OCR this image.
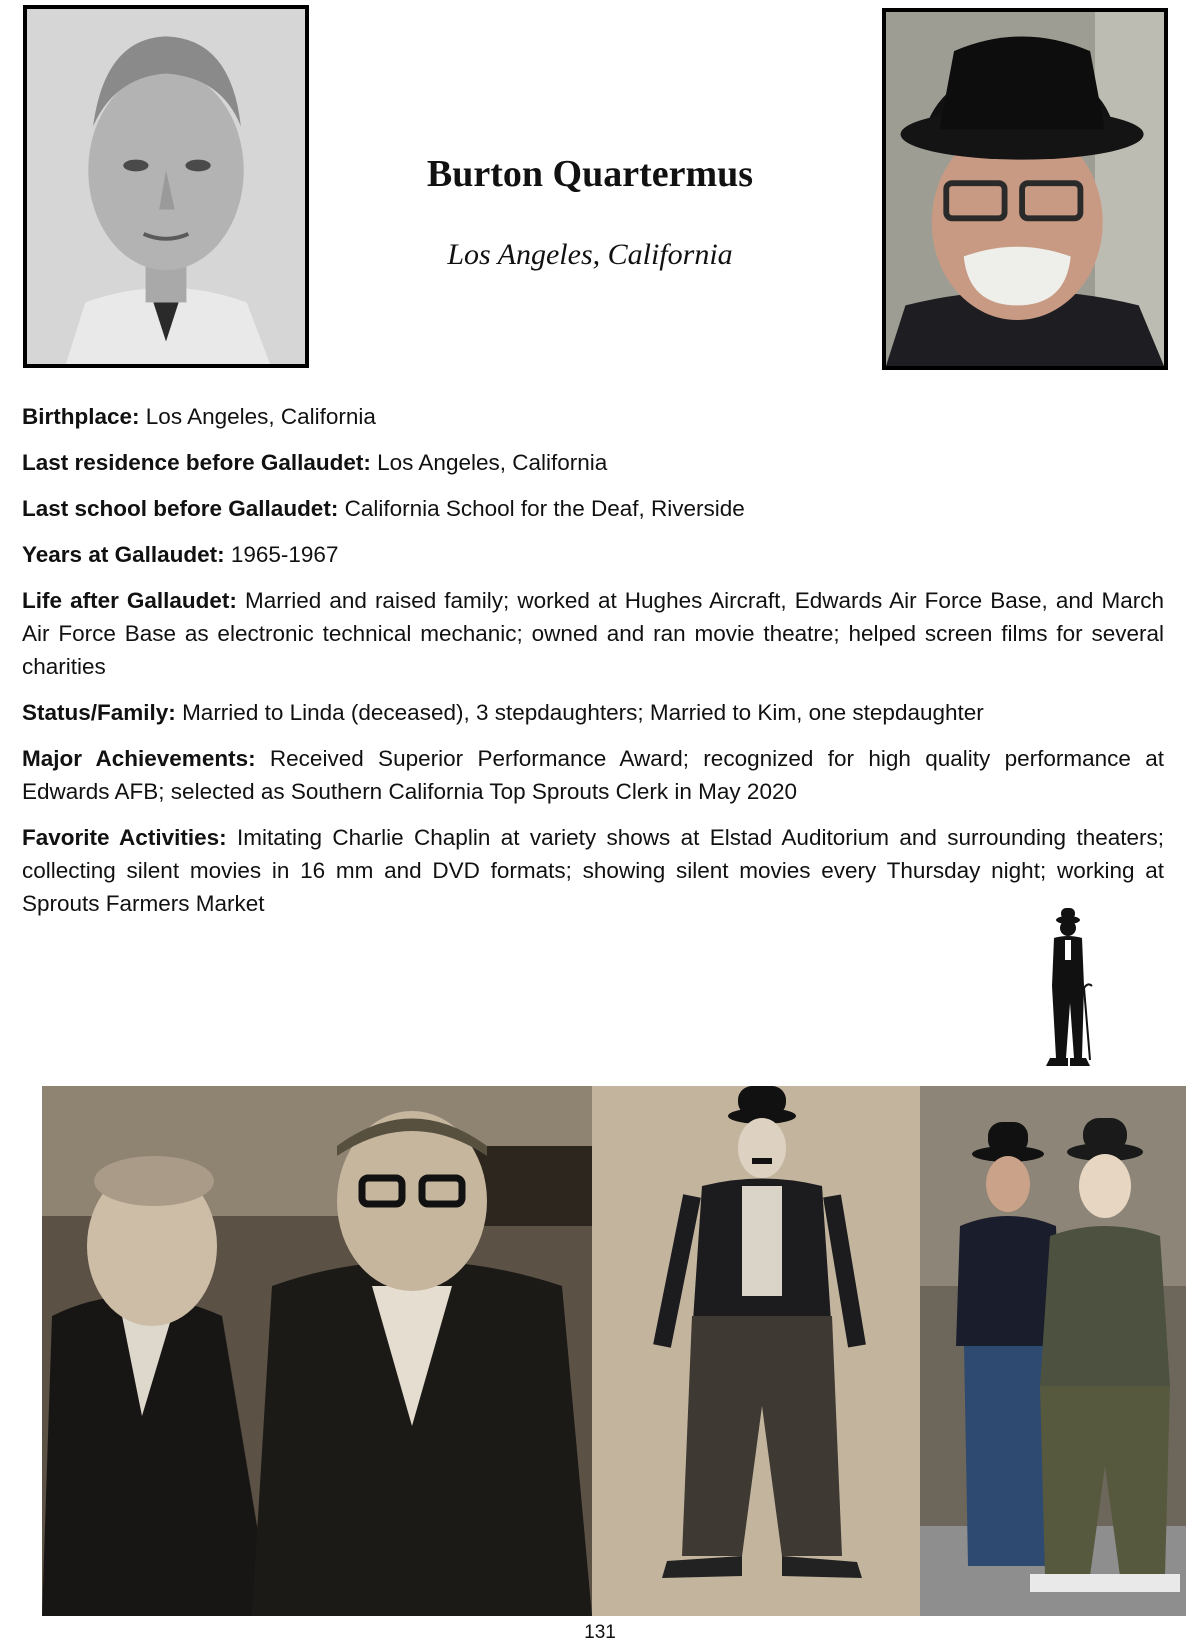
Burton Quartermus
Los Angeles, California

Birthplace: Los Angeles, California

Last residence before Gallaudet: Los Angeles, California

Last school before Gallaudet: California School for the Deaf, Riverside

Years at Gallaudet: 1965-1967

Life after Gallaudet: Married and raised family; worked at Hughes Aircraft, Edwards Air Force Base, and March Air Force Base as electronic technical mechanic; owned and ran movie theatre; helped screen films for several charities

Status/Family: Married to Linda (deceased), 3 stepdaughters; Married to Kim, one stepdaughter

Major Achievements: Received Superior Performance Award; recognized for high quality performance at Edwards AFB; selected as Southern California Top Sprouts Clerk in May 2020

Favorite Activities: Imitating Charlie Chaplin at variety shows at Elstad Auditorium and surrounding theaters; collecting silent movies in 16 mm and DVD formats; showing silent movies every Thursday night; working at Sprouts Farmers Market

131
